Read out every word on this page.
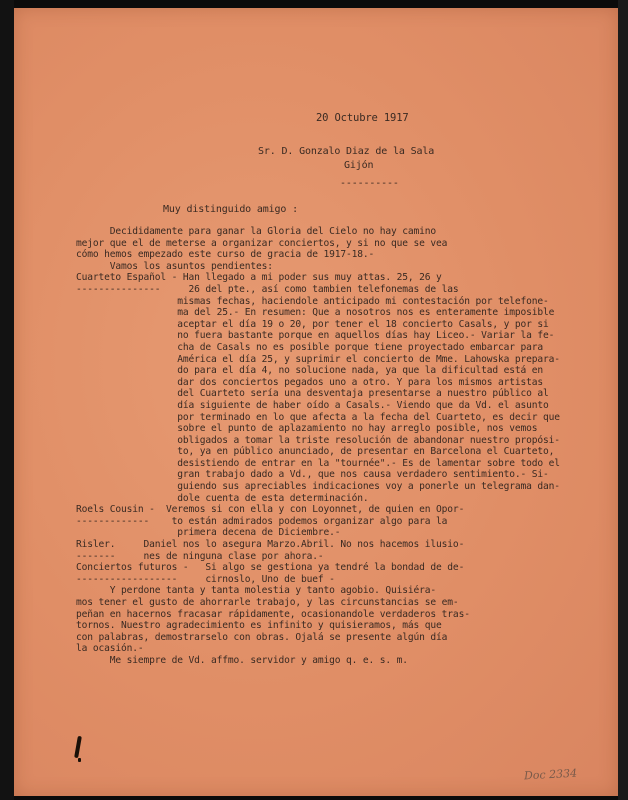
20 Octubre 1917
Sr. D. Gonzalo Diaz de la Sala
Gijón
----------
Muy distinguido amigo :
Decididamente para ganar la Gloria del Cielo no hay camino
mejor que el de meterse a organizar conciertos, y si no que se vea
cómo hemos empezado este curso de gracia de 1917-18.-
Vamos los asuntos pendientes:
Cuarteto Español - Han llegado a mi poder sus muy attas. 25, 26 y
---------------     26 del pte., así como tambien telefonemas de las
mismas fechas, haciendole anticipado mi contestación por telefone-
ma del 25.- En resumen: Que a nosotros nos es enteramente imposible
aceptar el día 19 o 20, por tener el 18 concierto Casals, y por si
no fuera bastante porque en aquellos días hay Liceo.- Variar la fe-
cha de Casals no es posible porque tiene proyectado embarcar para
América el día 25, y suprimir el concierto de Mme. Lahowska prepara-
do para el día 4, no solucione nada, ya que la dificultad está en
dar dos conciertos pegados uno a otro. Y para los mismos artistas
del Cuarteto sería una desventaja presentarse a nuestro público al
día siguiente de haber oído a Casals.- Viendo que da Vd. el asunto
por terminado en lo que afecta a la fecha del Cuarteto, es decir que
sobre el punto de aplazamiento no hay arreglo posible, nos vemos
obligados a tomar la triste resolución de abandonar nuestro propósi-
to, ya en público anunciado, de presentar en Barcelona el Cuarteto,
desistiendo de entrar en la "tournée".- Es de lamentar sobre todo el
gran trabajo dado a Vd., que nos causa verdadero sentimiento.- Si-
guiendo sus apreciables indicaciones voy a ponerle un telegrama dan-
dole cuenta de esta determinación.
Roels Cousin -  Veremos si con ella y con Loyonnet, de quien en Opor-
-------------    to están admirados podemos organizar algo para la
primera decena de Diciembre.-
Risler.     Daniel nos lo asegura Marzo.Abril. No nos hacemos ilusio-
-------     nes de ninguna clase por ahora.-
Conciertos futuros -   Si algo se gestiona ya tendré la bondad de de-
------------------     cirnoslo, Uno de buef -
Y perdone tanta y tanta molestia y tanto agobio. Quisiéra-
mos tener el gusto de ahorrarle trabajo, y las circunstancias se em-
peñan en hacernos fracasar rápidamente, ocasionandole verdaderos tras-
tornos. Nuestro agradecimiento es infinito y quisieramos, más que
con palabras, demostrarselo con obras. Ojalá se presente algún día
la ocasión.-
Me siempre de Vd. affmo. servidor y amigo q. e. s. m.
Doc 2334
